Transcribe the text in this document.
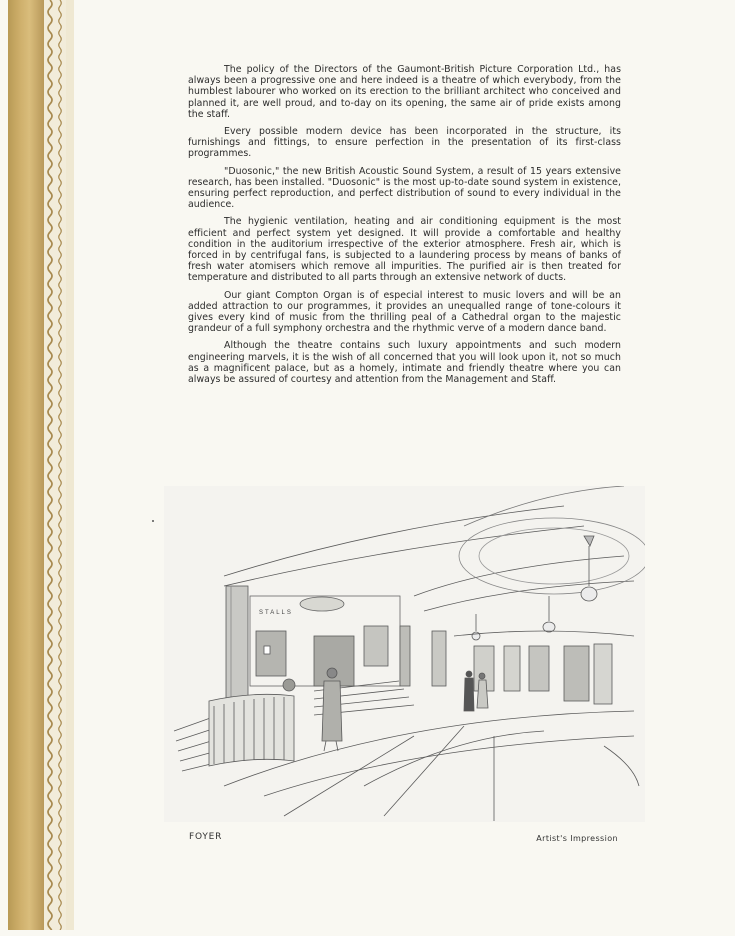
The policy of the Directors of the Gaumont-British Picture Corporation Ltd., has always been a progressive one and here indeed is a theatre of which everybody, from the humblest labourer who worked on its erection to the brilliant architect who conceived and planned it, are well proud, and to-day on its opening, the same air of pride exists among the staff.

Every possible modern device has been incorporated in the structure, its furnishings and fittings, to ensure perfection in the presentation of its first-class programmes.

"Duosonic," the new British Acoustic Sound System, a result of 15 years extensive research, has been installed. "Duosonic" is the most up-to-date sound system in existence, ensuring perfect reproduction, and perfect distribution of sound to every individual in the audience.

The hygienic ventilation, heating and air conditioning equipment is the most efficient and perfect system yet designed. It will provide a comfortable and healthy condition in the auditorium irrespective of the exterior atmosphere. Fresh air, which is forced in by centrifugal fans, is subjected to a laundering process by means of banks of fresh water atomisers which remove all impurities. The purified air is then treated for temperature and distributed to all parts through an extensive network of ducts.

Our giant Compton Organ is of especial interest to music lovers and will be an added attraction to our programmes, it provides an unequalled range of tone-colours it gives every kind of music from the thrilling peal of a Cathedral organ to the majestic grandeur of a full symphony orchestra and the rhythmic verve of a modern dance band.

Although the theatre contains such luxury appointments and such modern engineering marvels, it is the wish of all concerned that you will look upon it, not so much as a magnificent palace, but as a homely, intimate and friendly theatre where you can always be assured of courtesy and attention from the Management and Staff.

STALLS
FOYER	Artist's Impression
